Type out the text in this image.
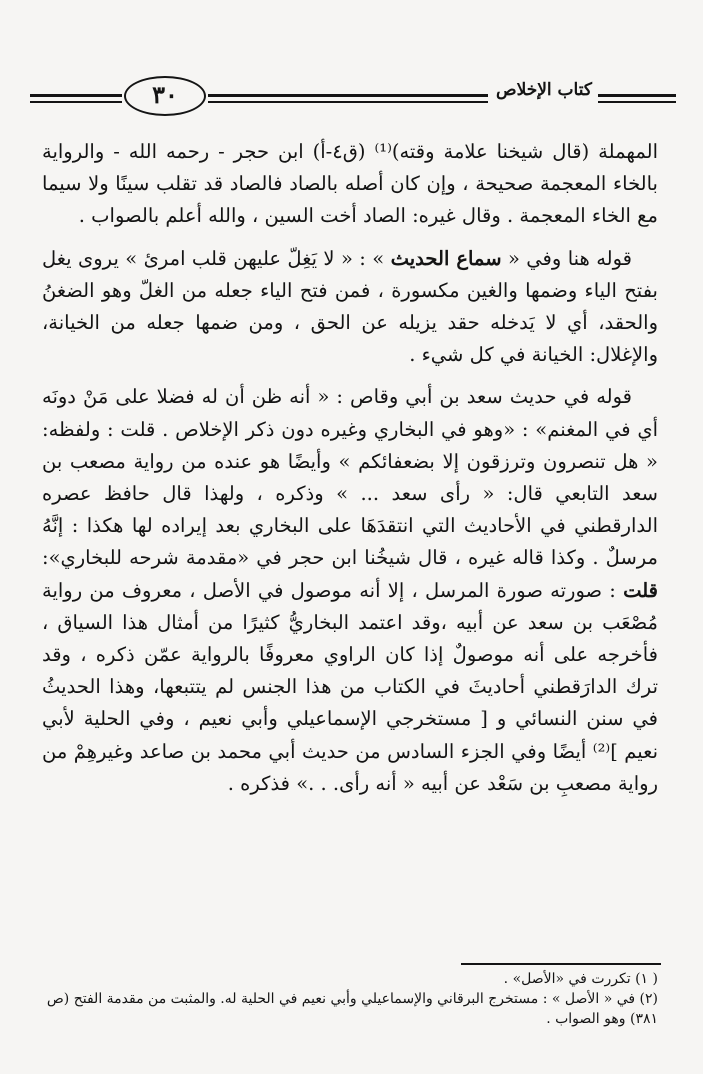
٣٠	كتاب الإخلاص

المهملة (قال شيخنا علامة وقته)⁽¹⁾ (ق٤-أ) ابن حجر - رحمه الله - والرواية بالخاء المعجمة صحيحة ، وإن كان أصله بالصاد فالصاد قد تقلب سينًا ولا سيما مع الخاء المعجمة . وقال غيره: الصاد أخت السين ، والله أعلم بالصواب .

قوله هنا وفي « سماع الحديث » : « لا يَغِلّ عليهن قلب امرئ » يروى يغل بفتح الياء وضمها والغين مكسورة ، فمن فتح الياء جعله من الغلّ وهو الضغنُ والحقد، أي لا يَدخله حقد يزيله عن الحق ، ومن ضمها جعله من الخيانة، والإغلال: الخيانة في كل شيء .

قوله في حديث سعد بن أبي وقاص : « أنه ظن أن له فضلا على مَنْ دونَه أي في المغنم» : «وهو في البخاري وغيره دون ذكر الإخلاص . قلت : ولفظه: « هل تنصرون وترزقون إلا بضعفائكم » وأيضًا هو عنده من رواية مصعب بن سعد التابعي قال: « رأى سعد ... » وذكره ، ولهذا قال حافظ عصره الدارقطني في الأحاديث التي انتقدَهَا على البخاري بعد إيراده لها هكذا : إنَّهُ مرسلٌ . وكذا قاله غيره ، قال شيخُنا ابن حجر في «مقدمة شرحه للبخاري»: قلت : صورته صورة المرسل ، إلا أنه موصول في الأصل ، معروف من رواية مُصْعَب بن سعد عن أبيه ،وقد اعتمد البخاريُّ كثيرًا من أمثال هذا السياق ، فأخرجه على أنه موصولٌ إذا كان الراوي معروفًا بالرواية عمّن ذكره ، وقد ترك الدارَقطني أحاديثَ في الكتاب من هذا الجنس لم يتتبعها، وهذا الحديثُ في سنن النسائي و [ مستخرجي الإسماعيلي وأبي نعيم ، وفي الحلية لأبي نعيم ]⁽²⁾ أيضًا وفي الجزء السادس من حديث أبي محمد بن صاعد وغيرهِمْ من رواية مصعبِ بن سَعْد عن أبيه « أنه رأى. . .» فذكره .

( ١) تكررت في «الأصل» .

(٢) في « الأصل » : مستخرج البرقاني والإسماعيلي وأبي نعيم في الحلية له. والمثبت من مقدمة الفتح (ص ٣٨١) وهو الصواب .
